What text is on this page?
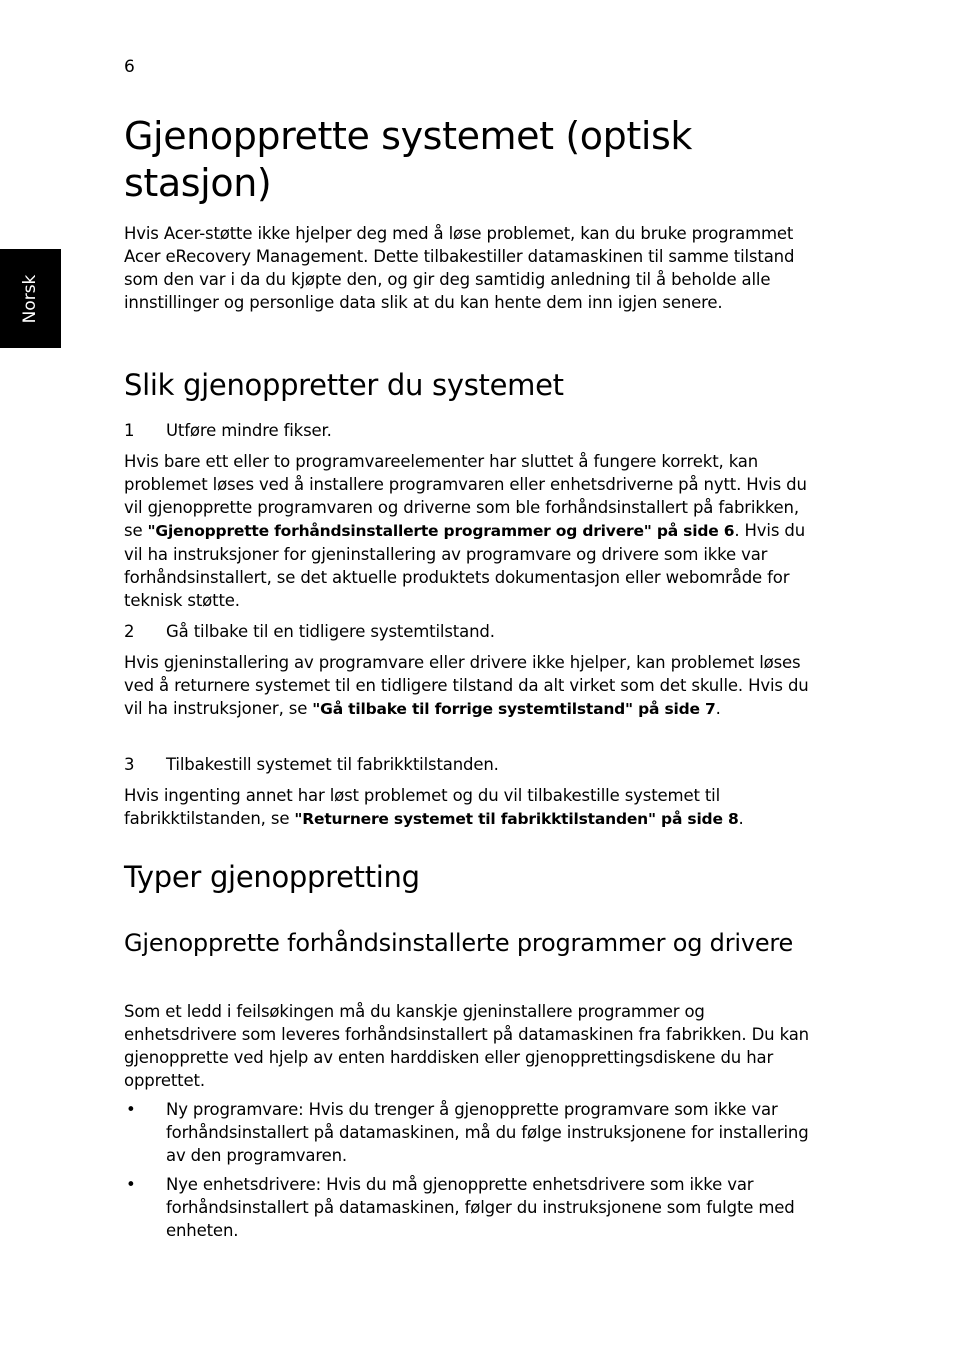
6
Norsk
Gjenopprette systemet (optisk stasjon)

Hvis Acer-støtte ikke hjelper deg med å løse problemet, kan du bruke programmet Acer eRecovery Management. Dette tilbakestiller datamaskinen til samme tilstand som den var i da du kjøpte den, og gir deg samtidig anledning til å beholde alle innstillinger og personlige data slik at du kan hente dem inn igjen senere.

Slik gjenoppretter du systemet
1 Utføre mindre fikser.

Hvis bare ett eller to programvareelementer har sluttet å fungere korrekt, kan problemet løses ved å installere programvaren eller enhetsdriverne på nytt. Hvis du vil gjenopprette programvaren og driverne som ble forhåndsinstallert på fabrikken, se "Gjenopprette forhåndsinstallerte programmer og drivere" på side 6. Hvis du vil ha instruksjoner for gjeninstallering av programvare og drivere som ikke var forhåndsinstallert, se det aktuelle produktets dokumentasjon eller webområde for teknisk støtte.

2 Gå tilbake til en tidligere systemtilstand.

Hvis gjeninstallering av programvare eller drivere ikke hjelper, kan problemet løses ved å returnere systemet til en tidligere tilstand da alt virket som det skulle. Hvis du vil ha instruksjoner, se "Gå tilbake til forrige systemtilstand" på side 7.

3 Tilbakestill systemet til fabrikktilstanden.

Hvis ingenting annet har løst problemet og du vil tilbakestille systemet til fabrikktilstanden, se "Returnere systemet til fabrikktilstanden" på side 8.

Typer gjenoppretting
Gjenopprette forhåndsinstallerte programmer og drivere

Som et ledd i feilsøkingen må du kanskje gjeninstallere programmer og enhetsdrivere som leveres forhåndsinstallert på datamaskinen fra fabrikken. Du kan gjenopprette ved hjelp av enten harddisken eller gjenopprettingsdiskene du har opprettet.

• Ny programvare: Hvis du trenger å gjenopprette programvare som ikke var forhåndsinstallert på datamaskinen, må du følge instruksjonene for installering av den programvaren.
• Nye enhetsdrivere: Hvis du må gjenopprette enhetsdrivere som ikke var forhåndsinstallert på datamaskinen, følger du instruksjonene som fulgte med enheten.
